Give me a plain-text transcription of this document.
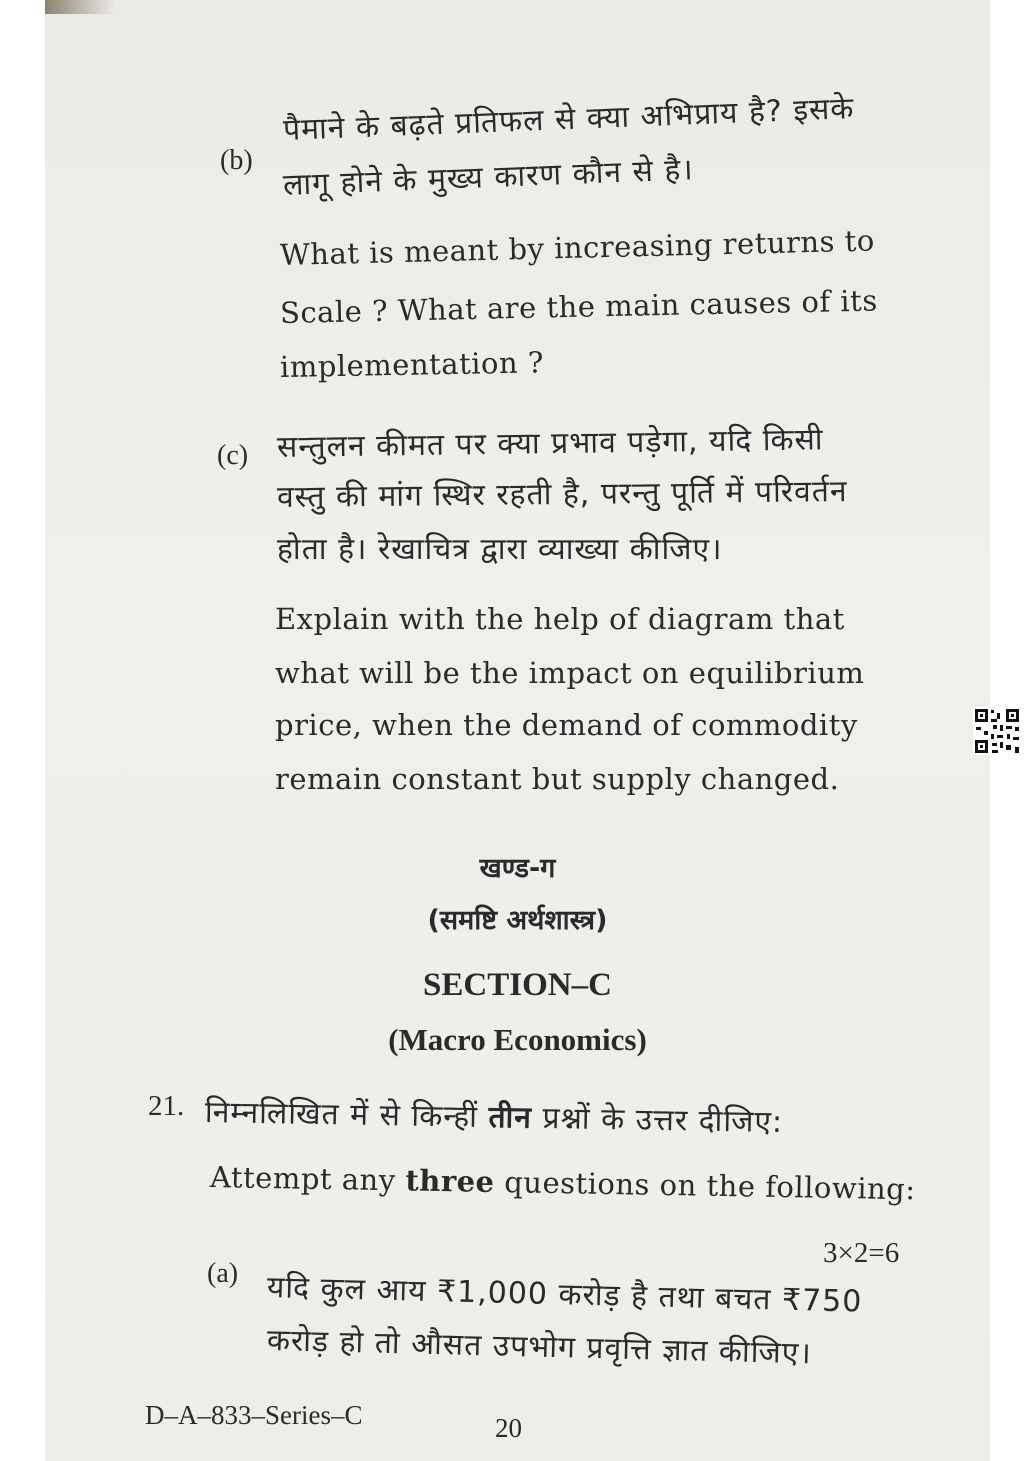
(b)
पैमाने के बढ़ते प्रतिफल से क्या अभिप्राय है? इसके
लागू होने के मुख्य कारण कौन से है।
What is meant by increasing returns to
Scale ? What are the main causes of its
implementation ?
(c) सन्तुलन कीमत पर क्या प्रभाव पड़ेगा, यदि किसी
वस्तु की मांग स्थिर रहती है, परन्तु पूर्ति में परिवर्तन
होता है। रेखाचित्र द्वारा व्याख्या कीजिए।
Explain with the help of diagram that
what will be the impact on equilibrium
price, when the demand of commodity
remain constant but supply changed.
खण्ड-ग
(समष्टि अर्थशास्त्र)
SECTION–C
(Macro Economics)
21. निम्नलिखित में से किन्हीं तीन प्रश्नों के उत्तर दीजिए:
Attempt any three questions on the following:
3×2=6
(a) यदि कुल आय ₹1,000 करोड़ है तथा बचत ₹750
करोड़ हो तो औसत उपभोग प्रवृत्ति ज्ञात कीजिए।
D–A–833–Series–C	20
